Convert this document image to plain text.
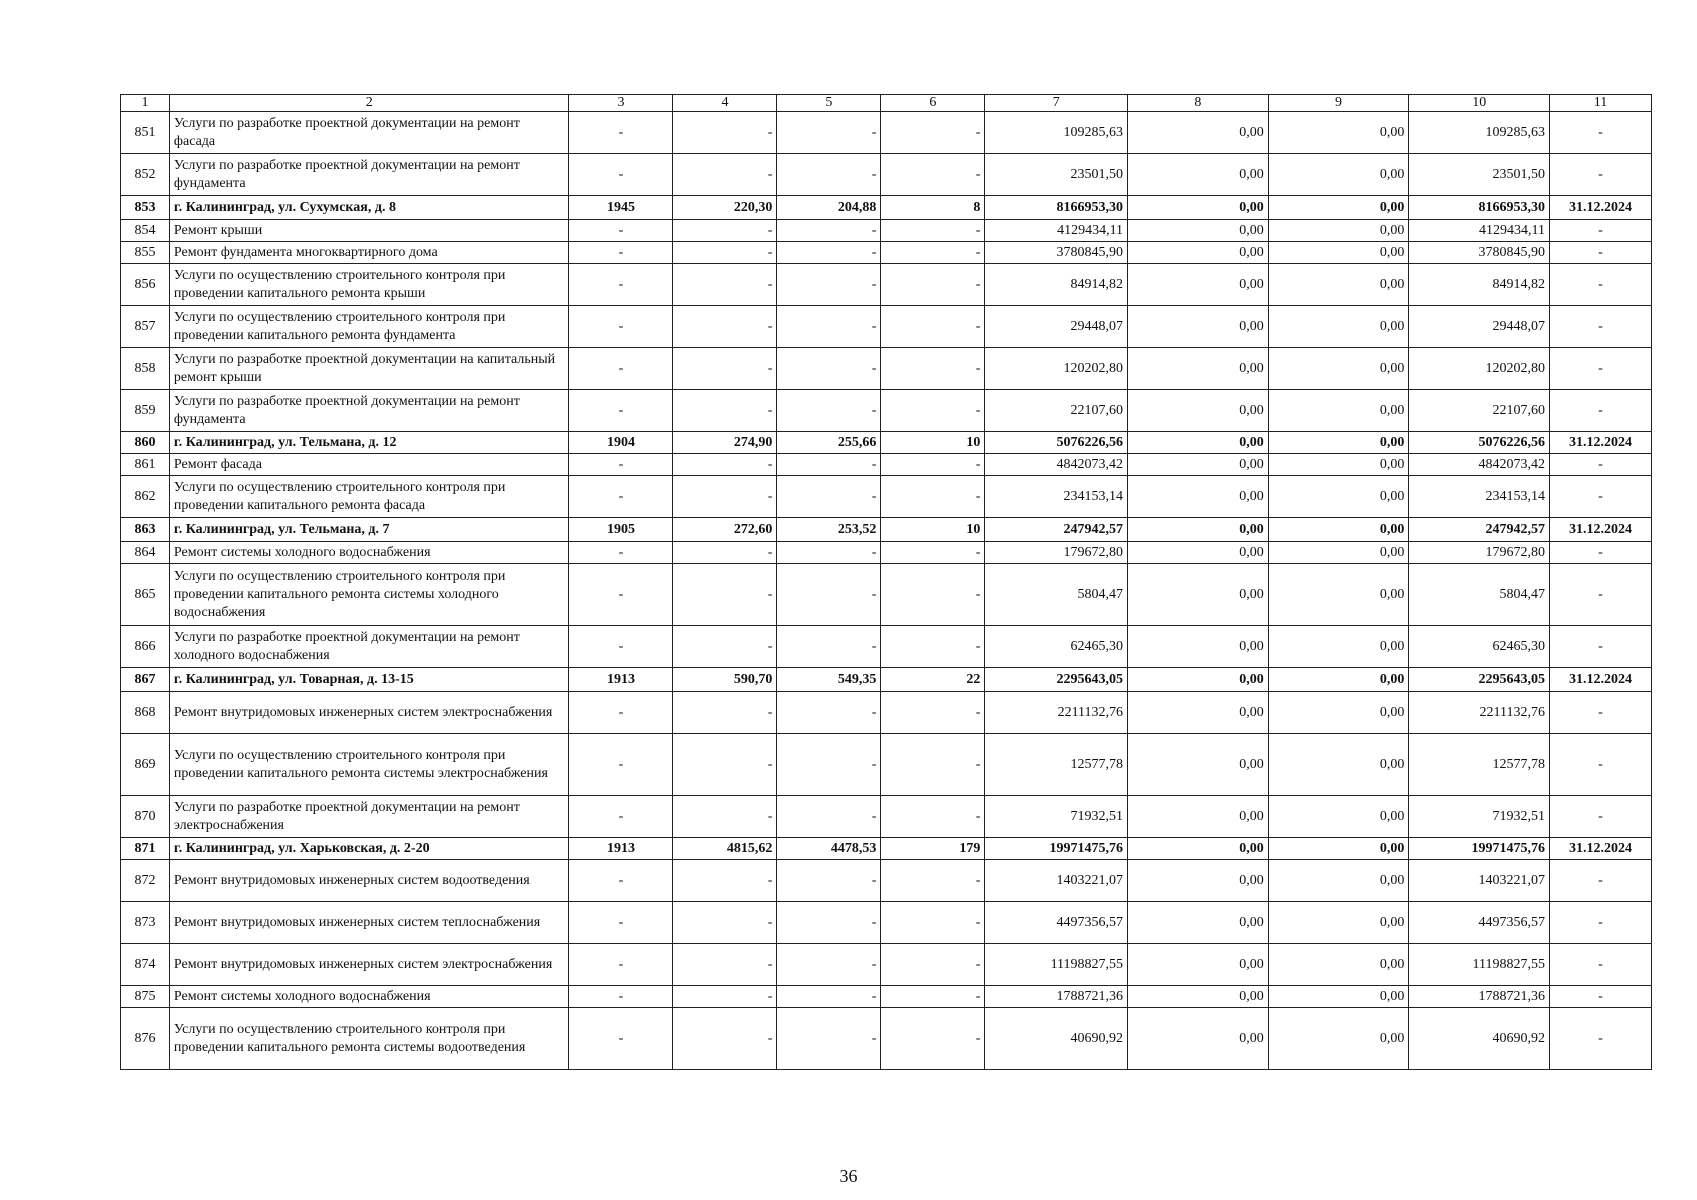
1	2	3	4	5	6	7	8	9	10	11
851	Услуги по разработке проектной документации на ремонт фасада	-	-	-	-	109285,63	0,00	0,00	109285,63	-
852	Услуги по разработке проектной документации на ремонт фундамента	-	-	-	-	23501,50	0,00	0,00	23501,50	-
853	г. Калининград, ул. Сухумская, д. 8	1945	220,30	204,88	8	8166953,30	0,00	0,00	8166953,30	31.12.2024
854	Ремонт крыши	-	-	-	-	4129434,11	0,00	0,00	4129434,11	-
855	Ремонт фундамента многоквартирного дома	-	-	-	-	3780845,90	0,00	0,00	3780845,90	-
856	Услуги по осуществлению строительного контроля при проведении капитального ремонта крыши	-	-	-	-	84914,82	0,00	0,00	84914,82	-
857	Услуги по осуществлению строительного контроля при проведении капитального ремонта фундамента	-	-	-	-	29448,07	0,00	0,00	29448,07	-
858	Услуги по разработке проектной документации на капитальный ремонт крыши	-	-	-	-	120202,80	0,00	0,00	120202,80	-
859	Услуги по разработке проектной документации на ремонт фундамента	-	-	-	-	22107,60	0,00	0,00	22107,60	-
860	г. Калининград, ул. Тельмана, д. 12	1904	274,90	255,66	10	5076226,56	0,00	0,00	5076226,56	31.12.2024
861	Ремонт фасада	-	-	-	-	4842073,42	0,00	0,00	4842073,42	-
862	Услуги по осуществлению строительного контроля при проведении капитального ремонта фасада	-	-	-	-	234153,14	0,00	0,00	234153,14	-
863	г. Калининград, ул. Тельмана, д. 7	1905	272,60	253,52	10	247942,57	0,00	0,00	247942,57	31.12.2024
864	Ремонт системы холодного водоснабжения	-	-	-	-	179672,80	0,00	0,00	179672,80	-
865	Услуги по осуществлению строительного контроля при проведении капитального ремонта системы холодного водоснабжения	-	-	-	-	5804,47	0,00	0,00	5804,47	-
866	Услуги по разработке проектной документации на ремонт холодного водоснабжения	-	-	-	-	62465,30	0,00	0,00	62465,30	-
867	г. Калининград, ул. Товарная, д. 13-15	1913	590,70	549,35	22	2295643,05	0,00	0,00	2295643,05	31.12.2024
868	Ремонт внутридомовых инженерных систем электроснабжения	-	-	-	-	2211132,76	0,00	0,00	2211132,76	-
869	Услуги по осуществлению строительного контроля при проведении капитального ремонта системы электроснабжения	-	-	-	-	12577,78	0,00	0,00	12577,78	-
870	Услуги по разработке проектной документации на ремонт электроснабжения	-	-	-	-	71932,51	0,00	0,00	71932,51	-
871	г. Калининград, ул. Харьковская, д. 2-20	1913	4815,62	4478,53	179	19971475,76	0,00	0,00	19971475,76	31.12.2024
872	Ремонт внутридомовых инженерных систем водоотведения	-	-	-	-	1403221,07	0,00	0,00	1403221,07	-
873	Ремонт внутридомовых инженерных систем теплоснабжения	-	-	-	-	4497356,57	0,00	0,00	4497356,57	-
874	Ремонт внутридомовых инженерных систем электроснабжения	-	-	-	-	11198827,55	0,00	0,00	11198827,55	-
875	Ремонт системы холодного водоснабжения	-	-	-	-	1788721,36	0,00	0,00	1788721,36	-
876	Услуги по осуществлению строительного контроля при проведении капитального ремонта системы водоотведения	-	-	-	-	40690,92	0,00	0,00	40690,92	-
36
